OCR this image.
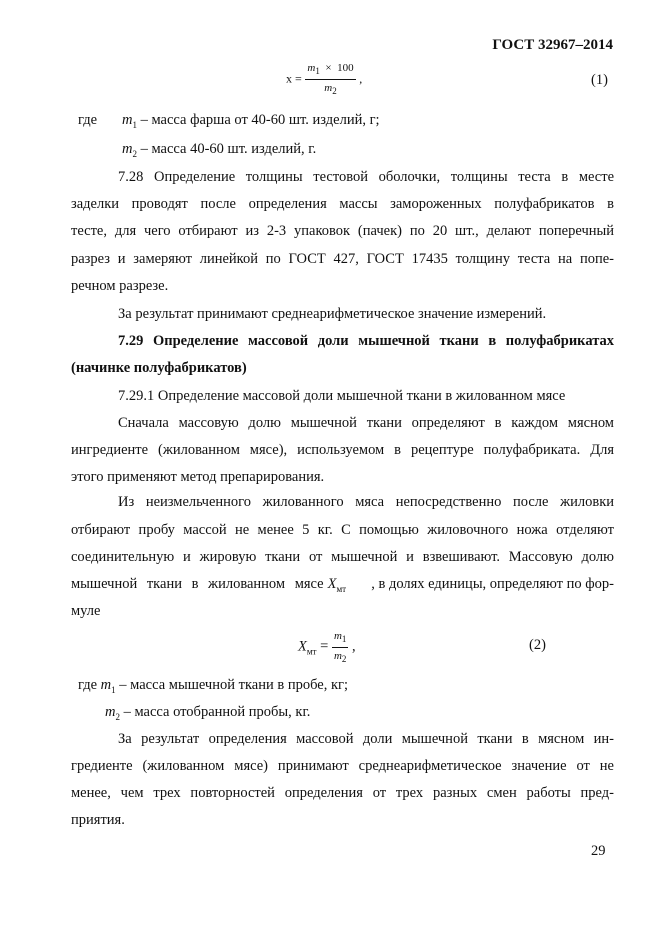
ГОСТ 32967–2014
$x = \frac{m_1 \times 100}{m_2}$ ,	(1)
где $m_1$ – масса фарша от 40-60 шт. изделий, г;
$m_2$ – масса 40-60 шт. изделий, г.
7.28 Определение толщины тестовой оболочки, толщины теста в месте
заделки проводят после определения массы замороженных полуфабрикатов в
тесте, для чего отбирают из 2-3 упаковок (пачек) по 20 шт., делают поперечный
разрез и замеряют линейкой по ГОСТ 427, ГОСТ 17435 толщину теста на попе-
речном разрезе.
За результат принимают среднеарифметическое значение измерений.
7.29 Определение массовой доли мышечной ткани в полуфабрикатах
(начинке полуфабрикатов)
7.29.1 Определение массовой доли мышечной ткани в жилованном мясе
Сначала массовую долю мышечной ткани определяют в каждом мясном
ингредиенте (жилованном мясе), используемом в рецептуре полуфабриката. Для
этого применяют метод препарирования.
Из неизмельченного жилованного мяса непосредственно после жиловки
отбирают пробу массой не менее 5 кг. С помощью жиловочного ножа отделяют
соединительную и жировую ткани от мышечной и взвешивают. Массовую долю
мышечной ткани в жилованном мясе $X_{мт}$	, в долях единицы, определяют по фор-
муле
$X_{мт} = \frac{m_1}{m_2}$ ,	(2)
где $m_1$ – масса мышечной ткани в пробе, кг;
$m_2$ – масса отобранной пробы, кг.
За результат определения массовой доли мышечной ткани в мясном ин-
гредиенте (жилованном мясе) принимают среднеарифметическое значение от не
менее, чем трех повторностей определения от трех разных смен работы пред-
приятия.
29
